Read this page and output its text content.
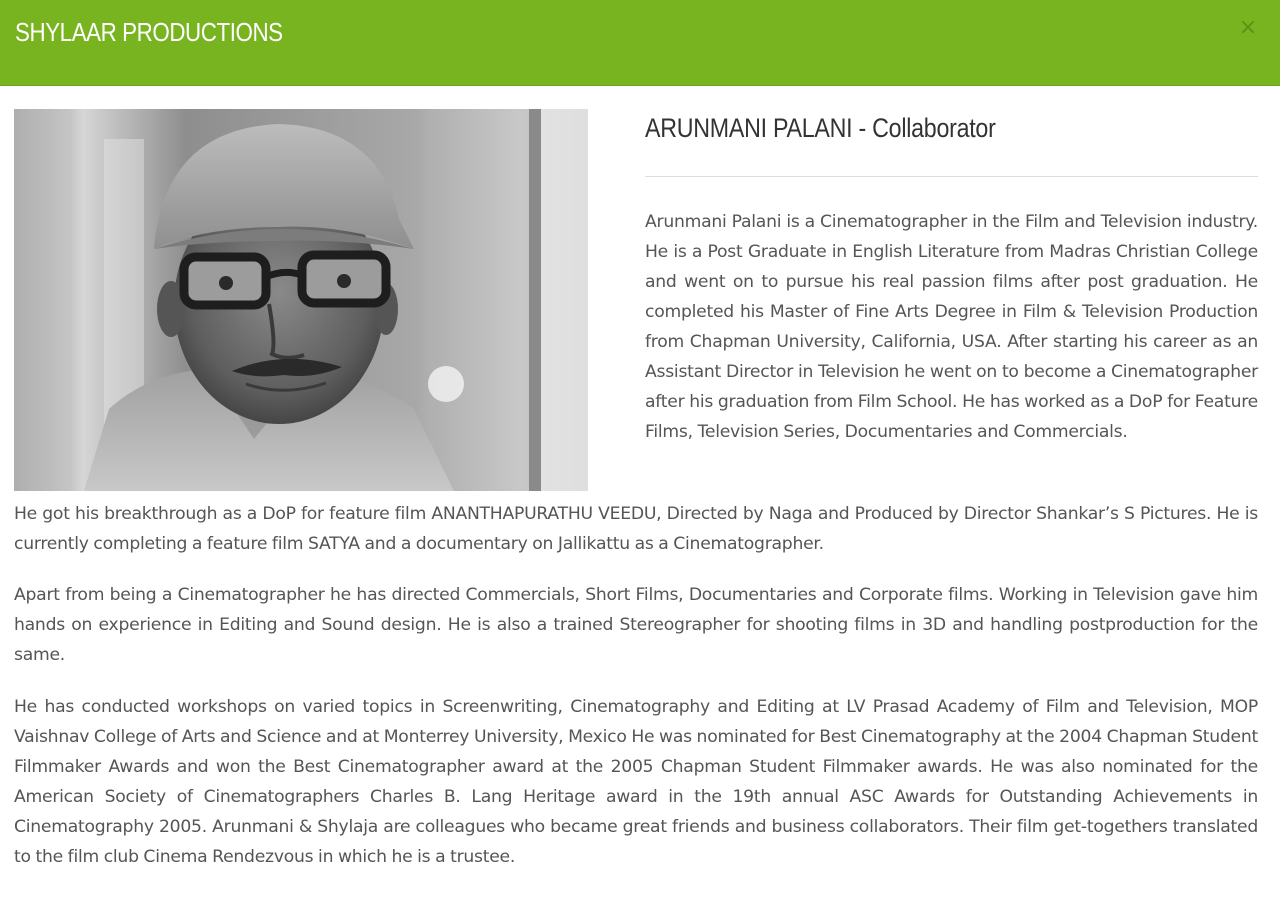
SHYLAAR PRODUCTIONS	×
ARUNMANI PALANI - Collaborator

Arunmani Palani is a Cinematographer in the Film and Television industry. He is a Post Graduate in English Literature from Madras Christian College and went on to pursue his real passion films after post graduation. He completed his Master of Fine Arts Degree in Film & Television Production from Chapman University, California, USA. After starting his career as an Assistant Director in Television he went on to become a Cinematographer after his graduation from Film School. He has worked as a DoP for Feature Films, Television Series, Documentaries and Commercials.

He got his breakthrough as a DoP for feature film ANANTHAPURATHU VEEDU, Directed by Naga and Produced by Director Shankar’s S Pictures. He is currently completing a feature film SATYA and a documentary on Jallikattu as a Cinematographer.

Apart from being a Cinematographer he has directed Commercials, Short Films, Documentaries and Corporate films. Working in Television gave him hands on experience in Editing and Sound design. He is also a trained Stereographer for shooting films in 3D and handling postproduction for the same.

He has conducted workshops on varied topics in Screenwriting, Cinematography and Editing at LV Prasad Academy of Film and Television, MOP Vaishnav College of Arts and Science and at Monterrey University, Mexico He was nominated for Best Cinematography at the 2004 Chapman Student Filmmaker Awards and won the Best Cinematographer award at the 2005 Chapman Student Filmmaker awards. He was also nominated for the American Society of Cinematographers Charles B. Lang Heritage award in the 19th annual ASC Awards for Outstanding Achievements in Cinematography 2005. Arunmani & Shylaja are colleagues who became great friends and business collaborators. Their film get-togethers translated to the film club Cinema Rendezvous in which he is a trustee.
